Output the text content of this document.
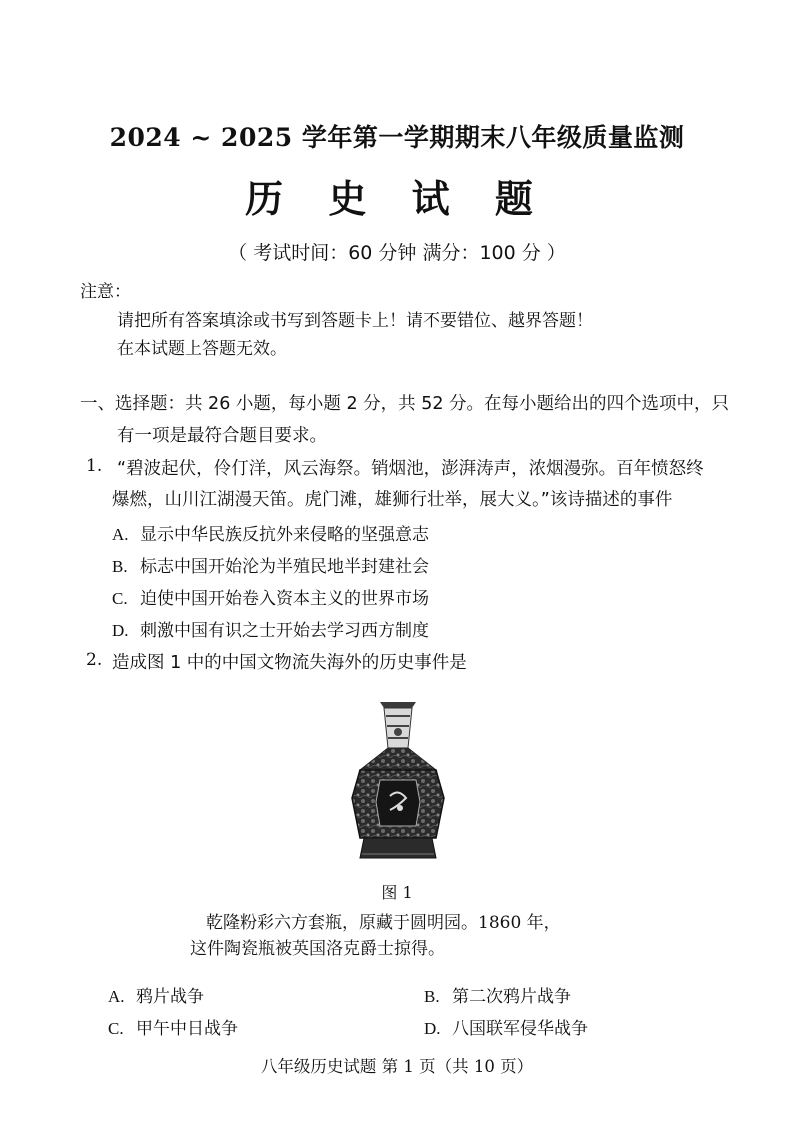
2024 ~ 2025 学年第一学期期末八年级质量监测
历 史 试 题
（ 考试时间：60 分钟 满分：100 分 ）
注意：
请把所有答案填涂或书写到答题卡上！请不要错位、越界答题！
在本试题上答题无效。
一、选择题：共 26 小题，每小题 2 分，共 52 分。在每小题给出的四个选项中，只
有一项是最符合题目要求。
1. “碧波起伏，伶仃洋，风云海祭。销烟池，澎湃涛声，浓烟漫弥。百年愤怒终
爆燃，山川江湖漫天笛。虎门滩，雄狮行壮举，展大义。”该诗描述的事件
A. 显示中华民族反抗外来侵略的坚强意志
B. 标志中国开始沦为半殖民地半封建社会
C. 迫使中国开始卷入资本主义的世界市场
D. 刺激中国有识之士开始去学习西方制度
2. 造成图 1 中的中国文物流失海外的历史事件是
图 1
乾隆粉彩六方套瓶，原藏于圆明园。1860 年，
这件陶瓷瓶被英国洛克爵士掠得。
A. 鸦片战争	B. 第二次鸦片战争
C. 甲午中日战争	D. 八国联军侵华战争
八年级历史试题 第 1 页（共 10 页）
